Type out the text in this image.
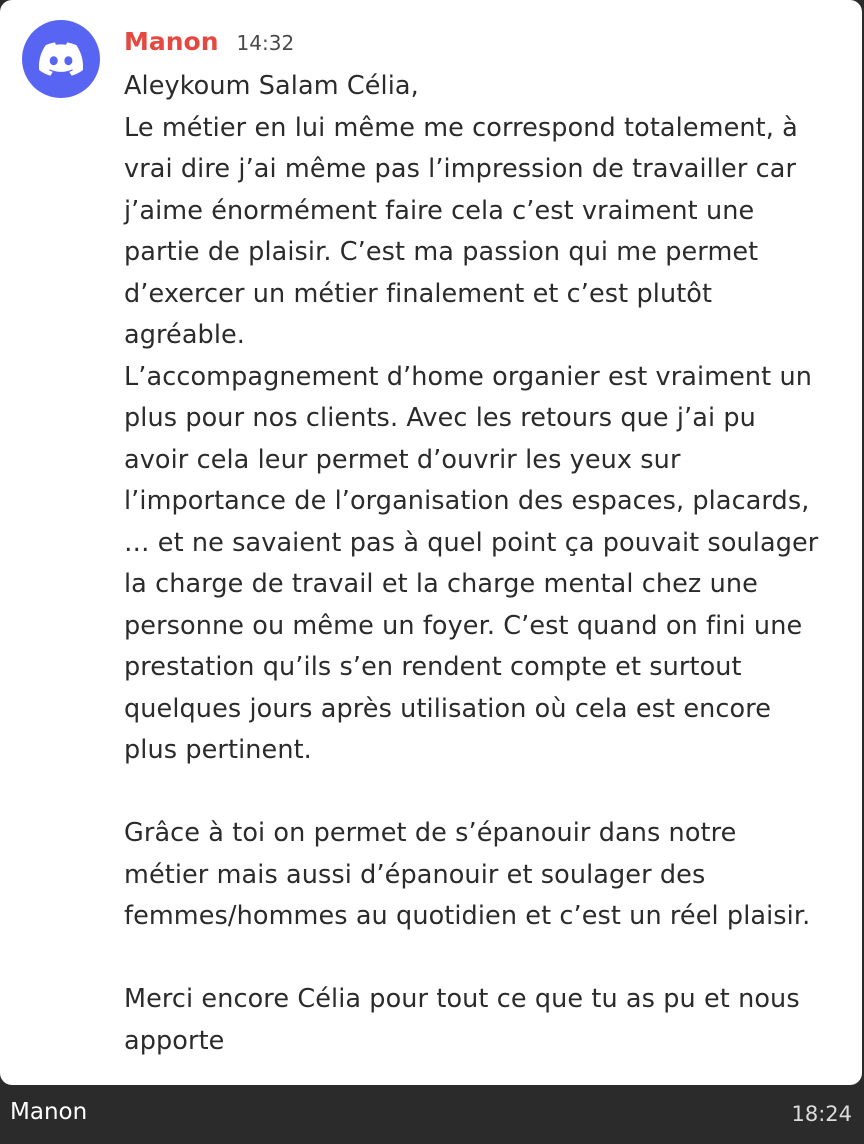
Manon 14:32
Aleykoum Salam Célia,
Le métier en lui même me correspond totalement, à
vrai dire j’ai même pas l’impression de travailler car
j’aime énormément faire cela c’est vraiment une
partie de plaisir. C’est ma passion qui me permet
d’exercer un métier finalement et c’est plutôt
agréable.
L’accompagnement d’home organier est vraiment un
plus pour nos clients. Avec les retours que j’ai pu
avoir cela leur permet d’ouvrir les yeux sur
l’importance de l’organisation des espaces, placards,
… et ne savaient pas à quel point ça pouvait soulager
la charge de travail et la charge mental chez une
personne ou même un foyer. C’est quand on fini une
prestation qu’ils s’en rendent compte et surtout
quelques jours après utilisation où cela est encore
plus pertinent.
Grâce à toi on permet de s’épanouir dans notre
métier mais aussi d’épanouir et soulager des
femmes/hommes au quotidien et c’est un réel plaisir.
Merci encore Célia pour tout ce que tu as pu et nous
apporte
Manon	18:24
